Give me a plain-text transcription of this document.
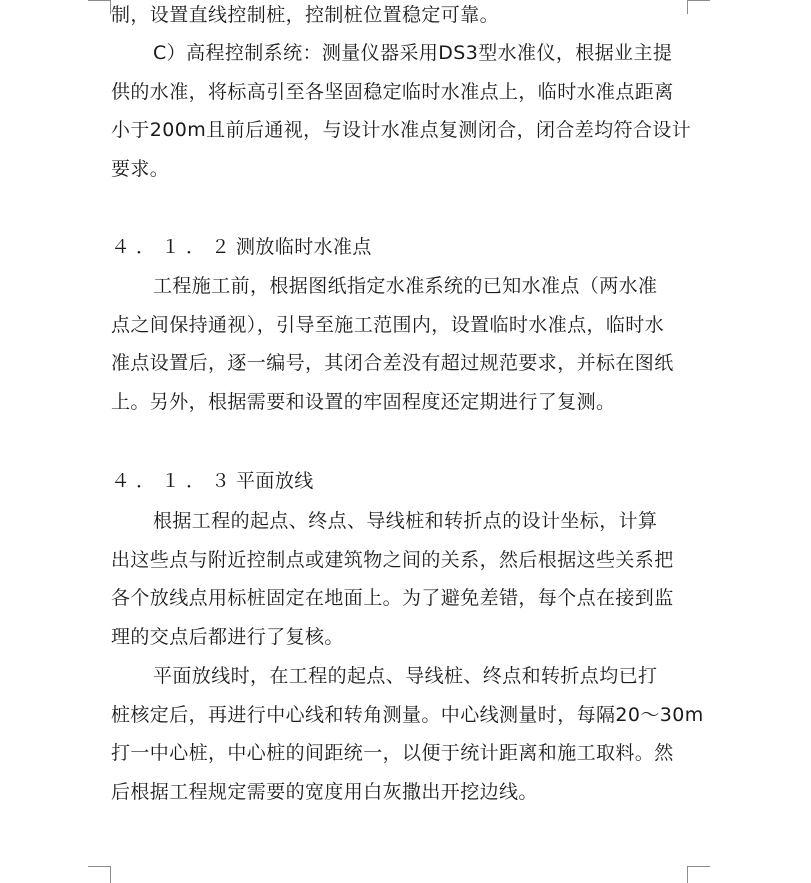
制，设置直线控制桩，控制桩位置稳定可靠。
C）高程控制系统：测量仪器采用DS3型水准仪，根据业主提
供的水准，将标高引至各坚固稳定临时水准点上，临时水准点距离
小于200m且前后通视，与设计水准点复测闭合，闭合差均符合设计
要求。
４．１．２测放临时水准点
工程施工前，根据图纸指定水准系统的已知水准点（两水准
点之间保持通视），引导至施工范围内，设置临时水准点，临时水
准点设置后，逐一编号，其闭合差没有超过规范要求，并标在图纸
上。另外，根据需要和设置的牢固程度还定期进行了复测。
４．１．３平面放线
根据工程的起点、终点、导线桩和转折点的设计坐标，计算
出这些点与附近控制点或建筑物之间的关系，然后根据这些关系把
各个放线点用标桩固定在地面上。为了避免差错，每个点在接到监
理的交点后都进行了复核。
平面放线时，在工程的起点、导线桩、终点和转折点均已打
桩核定后，再进行中心线和转角测量。中心线测量时，每隔20～30m
打一中心桩，中心桩的间距统一，以便于统计距离和施工取料。然
后根据工程规定需要的宽度用白灰撒出开挖边线。
